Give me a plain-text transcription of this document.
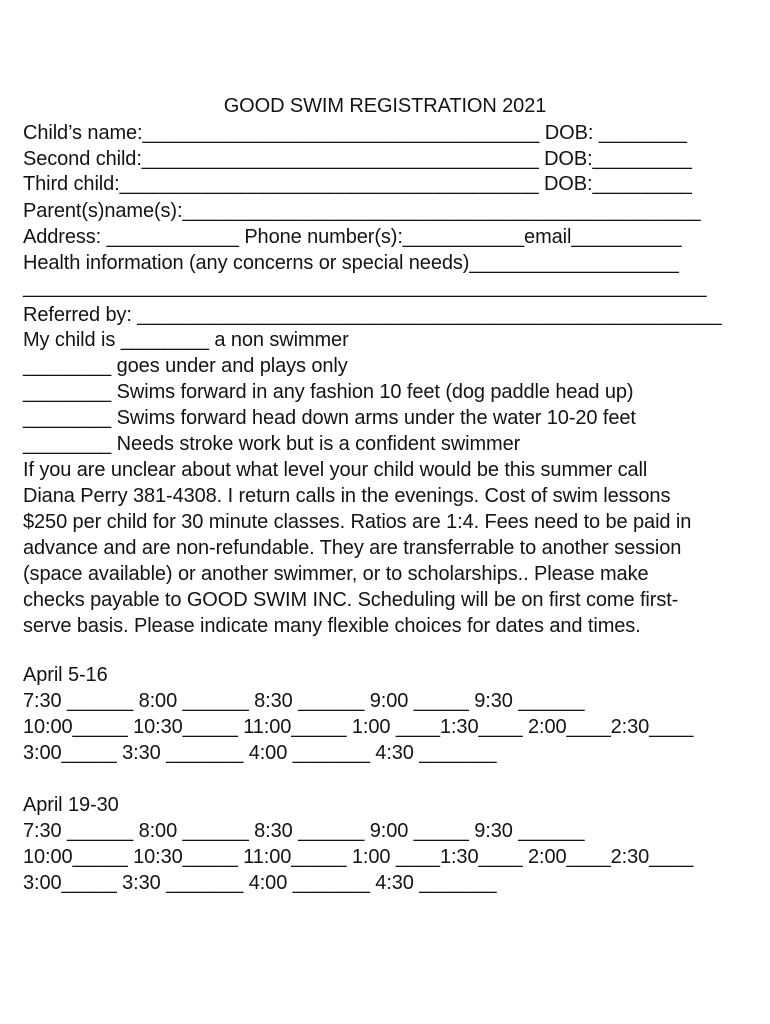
GOOD SWIM REGISTRATION 2021
Child’s name:____________________________________ DOB: ________
Second child:____________________________________ DOB:_________
Third child:______________________________________ DOB:_________
Parent(s)name(s):_______________________________________________
Address: ____________ Phone number(s):___________email__________
Health information (any concerns or special needs)___________________
______________________________________________________________
Referred by: _____________________________________________________
My child is ________ a non swimmer
________ goes under and plays only
________ Swims forward in any fashion 10 feet (dog paddle head up)
________ Swims forward head down arms under the water 10-20 feet
________ Needs stroke work but is a confident swimmer
If you are unclear about what level your child would be this summer call
Diana Perry 381-4308. I return calls in the evenings. Cost of swim lessons
$250 per child for 30 minute classes. Ratios are 1:4. Fees need to be paid in
advance and are non-refundable. They are transferrable to another session
(space available) or another swimmer, or to scholarships.. Please make
checks payable to GOOD SWIM INC. Scheduling will be on first come first-
serve basis. Please indicate many flexible choices for dates and times.
April 5-16
7:30 ______ 8:00 ______ 8:30 ______ 9:00 _____ 9:30 ______
10:00_____ 10:30_____ 11:00_____ 1:00 ____1:30____ 2:00____2:30____
3:00_____ 3:30 _______ 4:00 _______ 4:30 _______
April 19-30
7:30 ______ 8:00 ______ 8:30 ______ 9:00 _____ 9:30 ______
10:00_____ 10:30_____ 11:00_____ 1:00 ____1:30____ 2:00____2:30____
3:00_____ 3:30 _______ 4:00 _______ 4:30 _______
